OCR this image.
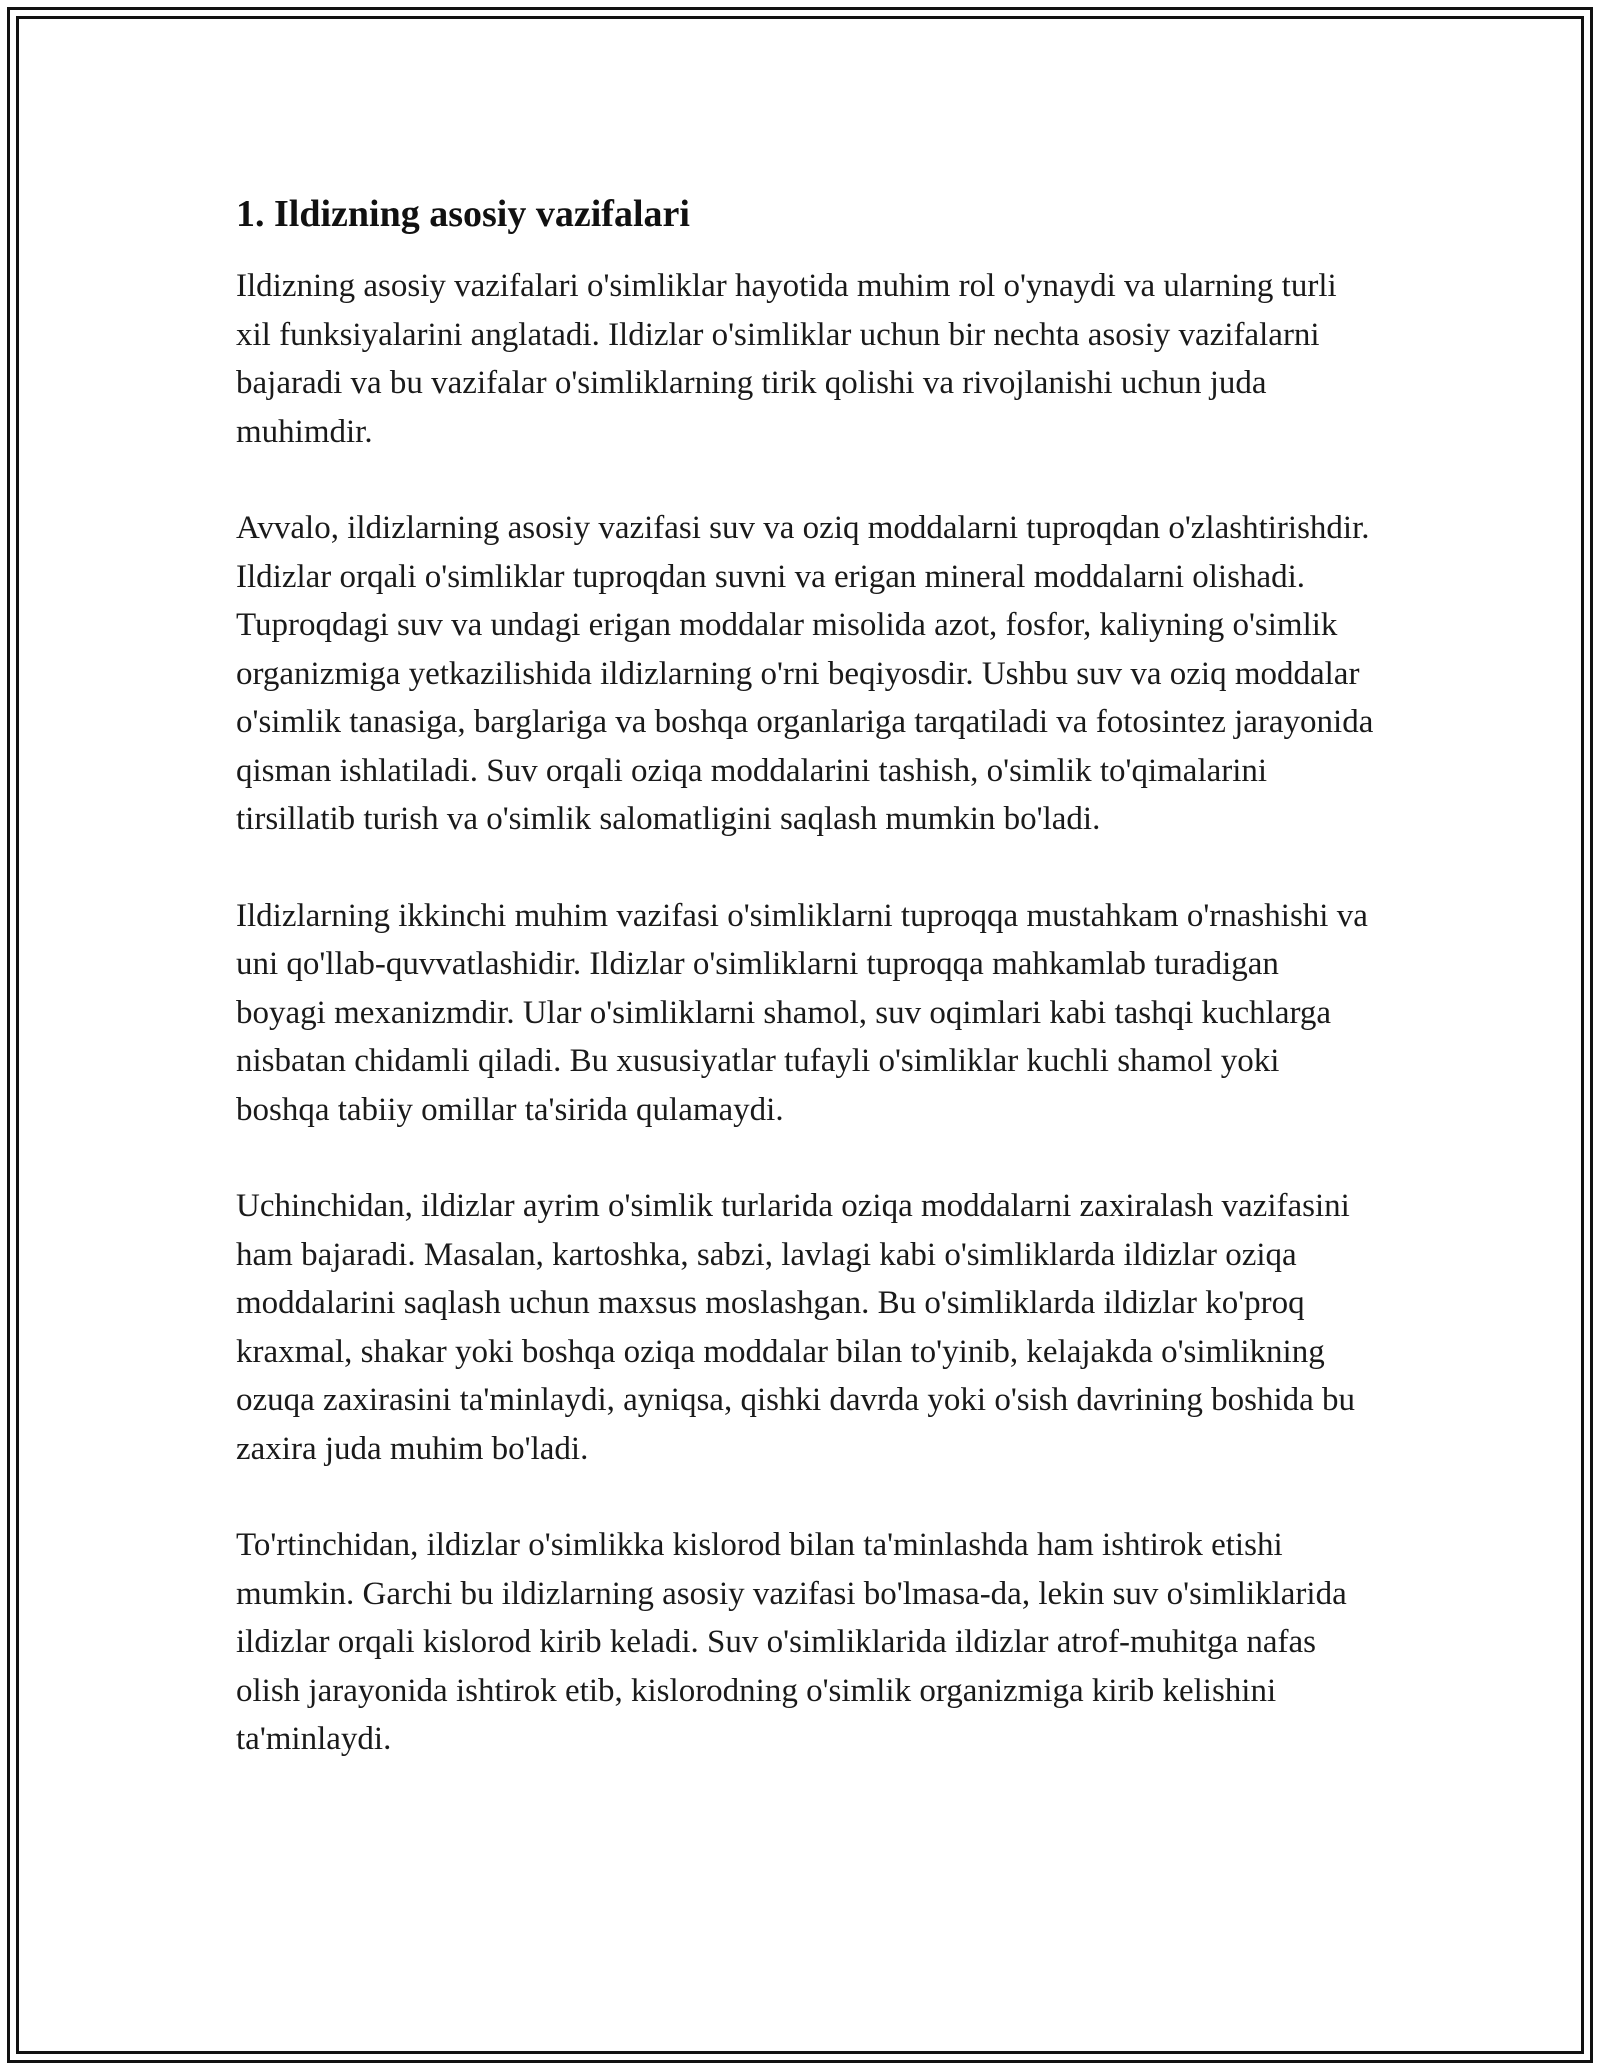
1. Ildizning asosiy vazifalari

Ildizning asosiy vazifalari o'simliklar hayotida muhim rol o'ynaydi va ularning turli xil funksiyalarini anglatadi. Ildizlar o'simliklar uchun bir nechta asosiy vazifalarni bajaradi va bu vazifalar o'simliklarning tirik qolishi va rivojlanishi uchun juda muhimdir.

Avvalo, ildizlarning asosiy vazifasi suv va oziq moddalarni tuproqdan o'zlashtirishdir. Ildizlar orqali o'simliklar tuproqdan suvni va erigan mineral moddalarni olishadi. Tuproqdagi suv va undagi erigan moddalar misolida azot, fosfor, kaliyning o'simlik organizmiga yetkazilishida ildizlarning o'rni beqiyosdir. Ushbu suv va oziq moddalar o'simlik tanasiga, barglariga va boshqa organlariga tarqatiladi va fotosintez jarayonida qisman ishlatiladi. Suv orqali oziqa moddalarini tashish, o'simlik to'qimalarini tirsillatib turish va o'simlik salomatligini saqlash mumkin bo'ladi.

Ildizlarning ikkinchi muhim vazifasi o'simliklarni tuproqqa mustahkam o'rnashishi va uni qo'llab-quvvatlashidir. Ildizlar o'simliklarni tuproqqa mahkamlab turadigan boyagi mexanizmdir. Ular o'simliklarni shamol, suv oqimlari kabi tashqi kuchlarga nisbatan chidamli qiladi. Bu xususiyatlar tufayli o'simliklar kuchli shamol yoki boshqa tabiiy omillar ta'sirida qulamaydi.

Uchinchidan, ildizlar ayrim o'simlik turlarida oziqa moddalarni zaxiralash vazifasini ham bajaradi. Masalan, kartoshka, sabzi, lavlagi kabi o'simliklarda ildizlar oziqa moddalarini saqlash uchun maxsus moslashgan. Bu o'simliklarda ildizlar ko'proq kraxmal, shakar yoki boshqa oziqa moddalar bilan to'yinib, kelajakda o'simlikning ozuqa zaxirasini ta'minlaydi, ayniqsa, qishki davrda yoki o'sish davrining boshida bu zaxira juda muhim bo'ladi.

To'rtinchidan, ildizlar o'simlikka kislorod bilan ta'minlashda ham ishtirok etishi mumkin. Garchi bu ildizlarning asosiy vazifasi bo'lmasa-da, lekin suv o'simliklarida ildizlar orqali kislorod kirib keladi. Suv o'simliklarida ildizlar atrof-muhitga nafas olish jarayonida ishtirok etib, kislorodning o'simlik organizmiga kirib kelishini ta'minlaydi.
